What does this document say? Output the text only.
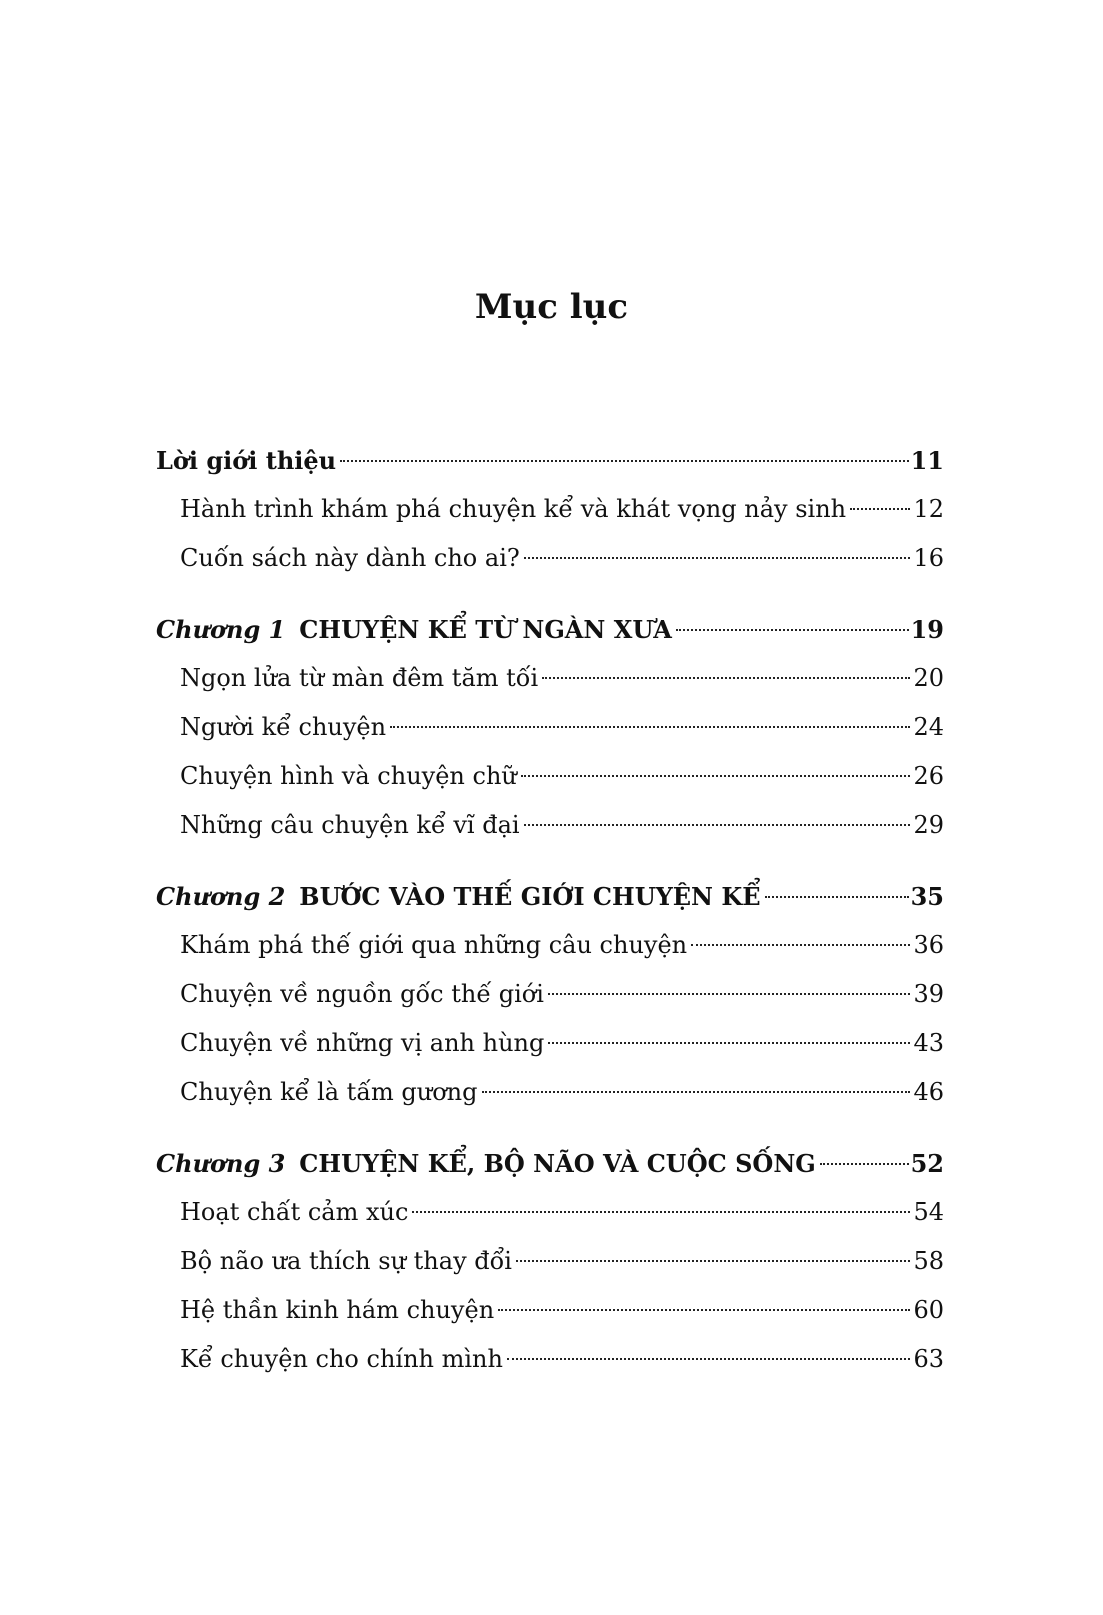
Mục lục
Lời giới thiệu	11
Hành trình khám phá chuyện kể và khát vọng nảy sinh	12
Cuốn sách này dành cho ai?	16
Chương 1 CHUYỆN KỂ TỪ NGÀN XƯA	19
Ngọn lửa từ màn đêm tăm tối	20
Người kể chuyện	24
Chuyện hình và chuyện chữ	26
Những câu chuyện kể vĩ đại	29
Chương 2 BƯỚC VÀO THẾ GIỚI CHUYỆN KỂ	35
Khám phá thế giới qua những câu chuyện	36
Chuyện về nguồn gốc thế giới	39
Chuyện về những vị anh hùng	43
Chuyện kể là tấm gương	46
Chương 3 CHUYỆN KỂ, BỘ NÃO VÀ CUỘC SỐNG	52
Hoạt chất cảm xúc	54
Bộ não ưa thích sự thay đổi	58
Hệ thần kinh hám chuyện	60
Kể chuyện cho chính mình	63
